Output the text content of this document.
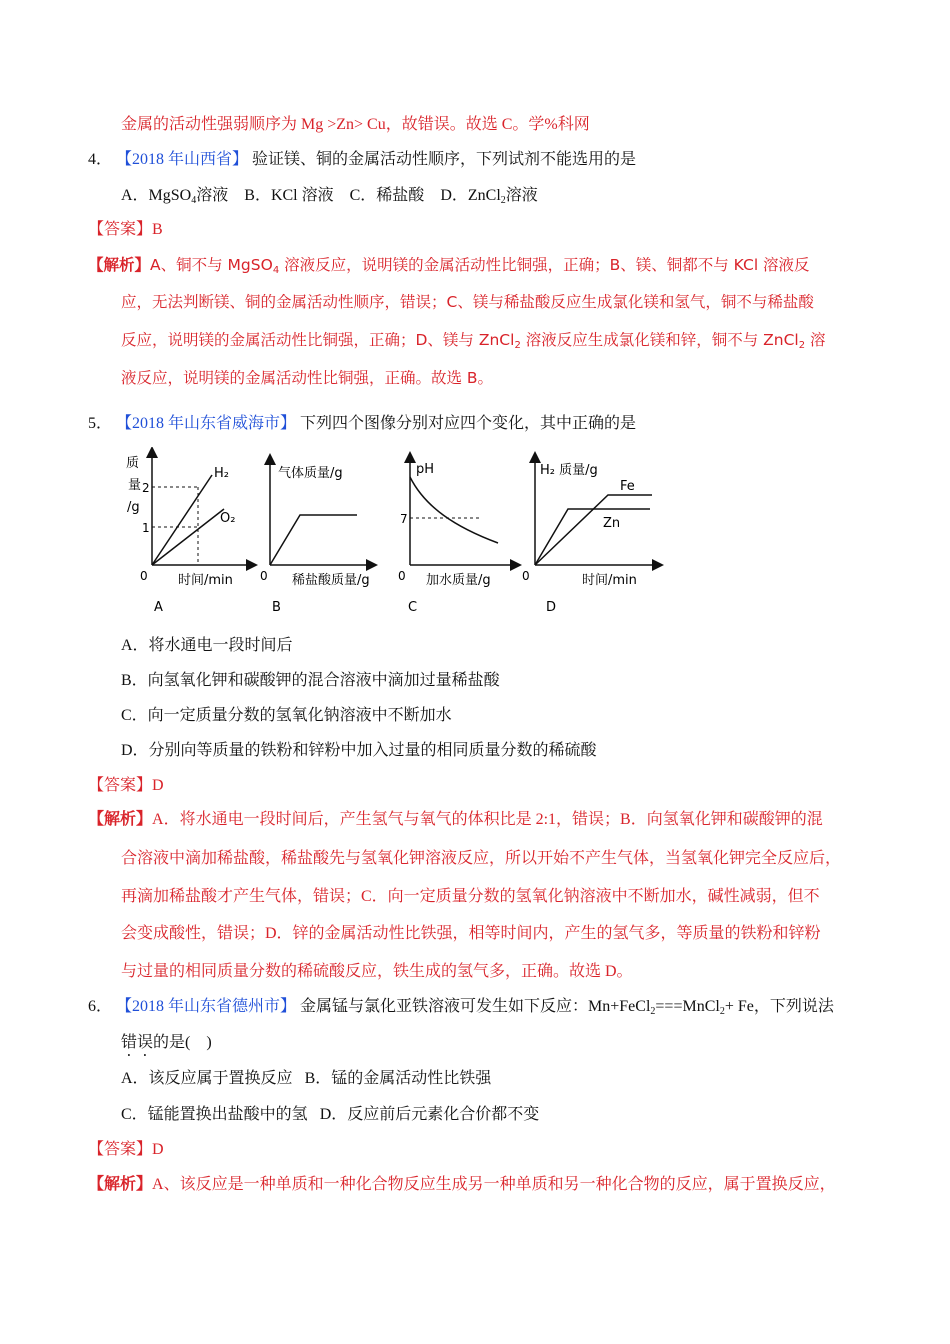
金属的活动性强弱顺序为 Mg >Zn> Cu，故错误。故选 C。学%科网
4． 【2018 年山西省】 验证镁、铜的金属活动性顺序，下列试剂不能选用的是
A．MgSO$_4$溶液 B．KCl 溶液 C．稀盐酸 D．ZnCl$_2$溶液
【答案】B
【解析】A、铜不与 MgSO$_4$ 溶液反应，说明镁的金属活动性比铜强，正确；B、镁、铜都不与 KCl 溶液反
应，无法判断镁、铜的金属活动性顺序，错误；C、镁与稀盐酸反应生成氯化镁和氢气，铜不与稀盐酸
反应，说明镁的金属活动性比铜强，正确；D、镁与 ZnCl$_2$ 溶液反应生成氯化镁和锌，铜不与 ZnCl$_2$ 溶
液反应，说明镁的金属活动性比铜强，正确。故选 B。
5． 【2018 年山东省威海市】 下列四个图像分别对应四个变化，其中正确的是
质
量
/g
2
1
0 时间/min
H₂
O₂
A
气体质量/g
0 稀盐酸质量/g
B
pH
7
0 加水质量/g
C
H₂ 质量/g
0	时间/min
Fe
Zn
D
A．将水通电一段时间后
B．向氢氧化钾和碳酸钾的混合溶液中滴加过量稀盐酸
C．向一定质量分数的氢氧化钠溶液中不断加水
D．分别向等质量的铁粉和锌粉中加入过量的相同质量分数的稀硫酸
【答案】D
【解析】A．将水通电一段时间后，产生氢气与氧气的体积比是 2:1，错误；B．向氢氧化钾和碳酸钾的混
合溶液中滴加稀盐酸，稀盐酸先与氢氧化钾溶液反应，所以开始不产生气体，当氢氧化钾完全反应后，
再滴加稀盐酸才产生气体，错误；C．向一定质量分数的氢氧化钠溶液中不断加水，碱性减弱，但不
会变成酸性，错误；D．锌的金属活动性比铁强，相等时间内，产生的氢气多，等质量的铁粉和锌粉
与过量的相同质量分数的稀硫酸反应，铁生成的氢气多，正确。故选 D。
6． 【2018 年山东省德州市】 金属锰与氯化亚铁溶液可发生如下反应：Mn+FeCl$_2$===MnCl$_2$+ Fe，下列说法
错误的是(　)
A．该反应属于置换反应 B．锰的金属活动性比铁强
C．锰能置换出盐酸中的氢 D．反应前后元素化合价都不变
【答案】D
【解析】A、该反应是一种单质和一种化合物反应生成另一种单质和另一种化合物的反应，属于置换反应，
